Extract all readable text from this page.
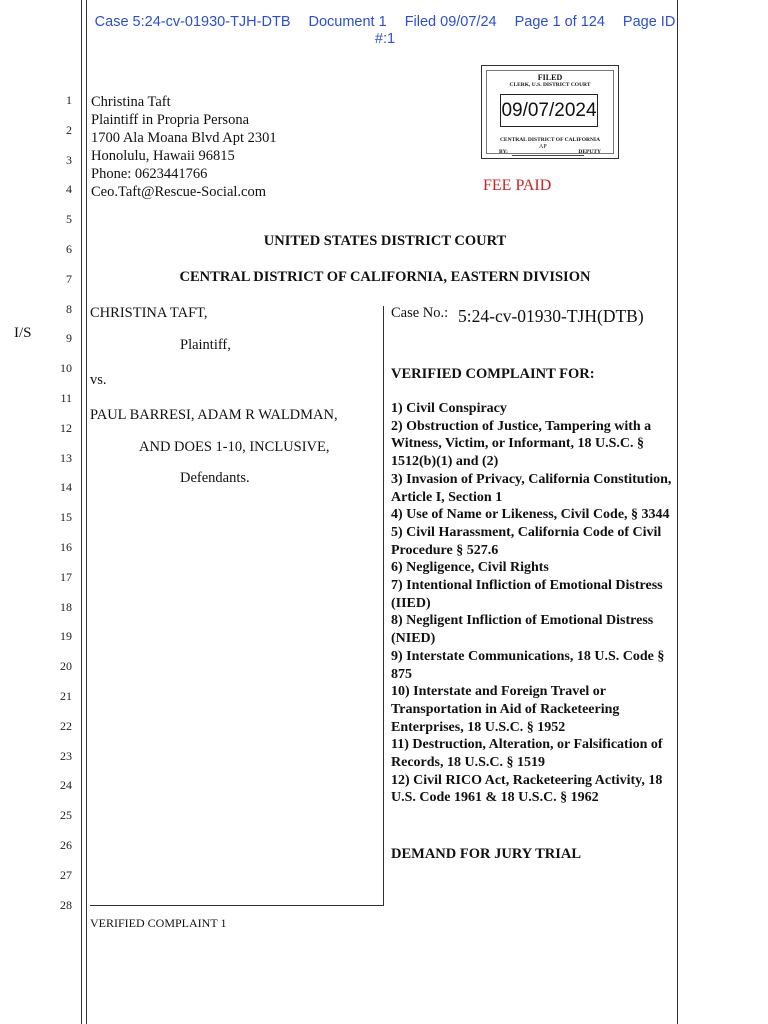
Case 5:24-cv-01930-TJH-DTB Document 1 Filed 09/07/24 Page 1 of 124 Page ID
#:1
1
2
3
4
5
6
7
8
9
10
11
12
13
14
15
16
17
18
19
20
21
22
23
24
25
26
27
28
I/S
Christina Taft
Plaintiff in Propria Persona
1700 Ala Moana Blvd Apt 2301
Honolulu, Hawaii 96815
Phone: 0623441766
Ceo.Taft@Rescue-Social.com
FILED
CLERK, U.S. DISTRICT COURT
09/07/2024
CENTRAL DISTRICT OF CALIFORNIA
BY:
AP
DEPUTY
FEE PAID
UNITED STATES DISTRICT COURT
CENTRAL DISTRICT OF CALIFORNIA, EASTERN DIVISION
CHRISTINA TAFT,
Plaintiff,
vs.
PAUL BARRESI, ADAM R WALDMAN,
AND DOES 1-10, INCLUSIVE,
Defendants.
Case No.: 5:24-cv-01930-TJH(DTB)
VERIFIED COMPLAINT FOR:
1) Civil Conspiracy
2) Obstruction of Justice, Tampering with a Witness, Victim, or Informant, 18 U.S.C. § 1512(b)(1) and (2)
3) Invasion of Privacy, California Constitution, Article I, Section 1
4) Use of Name or Likeness, Civil Code, § 3344
5) Civil Harassment, California Code of Civil Procedure § 527.6
6) Negligence, Civil Rights
7) Intentional Infliction of Emotional Distress (IIED)
8) Negligent Infliction of Emotional Distress (NIED)
9) Interstate Communications, 18 U.S. Code § 875
10) Interstate and Foreign Travel or Transportation in Aid of Racketeering Enterprises, 18 U.S.C. § 1952
11) Destruction, Alteration, or Falsification of Records, 18 U.S.C. § 1519
12) Civil RICO Act, Racketeering Activity, 18 U.S. Code 1961 & 18 U.S.C. § 1962
DEMAND FOR JURY TRIAL
VERIFIED COMPLAINT 1
